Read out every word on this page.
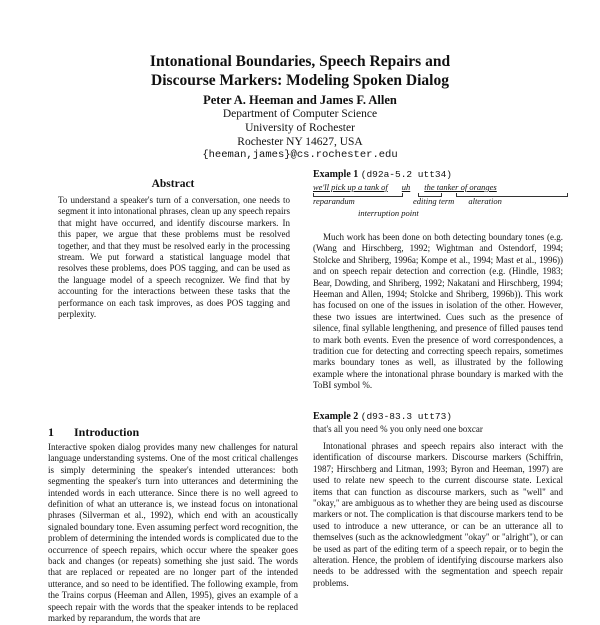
Intonational Boundaries, Speech Repairs and
Discourse Markers: Modeling Spoken Dialog
Peter A. Heeman and James F. Allen
Department of Computer Science
University of Rochester
Rochester NY 14627, USA
{heeman,james}@cs.rochester.edu
Abstract

To understand a speaker's turn of a conversation, one needs to segment it into intonational phrases, clean up any speech repairs that might have occurred, and identify discourse markers. In this paper, we argue that these problems must be resolved together, and that they must be resolved early in the processing stream. We put forward a statistical language model that resolves these problems, does POS tagging, and can be used as the language model of a speech recognizer. We find that by accounting for the interactions between these tasks that the performance on each task improves, as does POS tagging and perplexity.

1 Introduction

Interactive spoken dialog provides many new challenges for natural language understanding systems. One of the most critical challenges is simply determining the speaker's intended utterances: both segmenting the speaker's turn into utterances and determining the intended words in each utterance. Since there is no well agreed to definition of what an utterance is, we instead focus on intonational phrases (Silverman et al., 1992), which end with an acoustically signaled boundary tone. Even assuming perfect word recognition, the problem of determining the intended words is complicated due to the occurrence of speech repairs, which occur where the speaker goes back and changes (or repeats) something she just said. The words that are replaced or repeated are no longer part of the intended utterance, and so need to be identified. The following example, from the Trains corpus (Heeman and Allen, 1995), gives an example of a speech repair with the words that the speaker intends to be replaced marked by reparandum, the words that are

Example 1 (d92a-5.2 utt34)
we'll pick up a tank of uh the tanker of oranges
reparandum	editing term alteration
interruption point

Much work has been done on both detecting boundary tones (e.g. (Wang and Hirschberg, 1992; Wightman and Ostendorf, 1994; Stolcke and Shriberg, 1996a; Kompe et al., 1994; Mast et al., 1996)) and on speech repair detection and correction (e.g. (Hindle, 1983; Bear, Dowding, and Shriberg, 1992; Nakatani and Hirschberg, 1994; Heeman and Allen, 1994; Stolcke and Shriberg, 1996b)). This work has focused on one of the issues in isolation of the other. However, these two issues are intertwined. Cues such as the presence of silence, final syllable lengthening, and presence of filled pauses tend to mark both events. Even the presence of word correspondences, a tradition cue for detecting and correcting speech repairs, sometimes marks boundary tones as well, as illustrated by the following example where the intonational phrase boundary is marked with the ToBI symbol %.

Example 2 (d93-83.3 utt73)
that's all you need % you only need one boxcar

Intonational phrases and speech repairs also interact with the identification of discourse markers. Discourse markers (Schiffrin, 1987; Hirschberg and Litman, 1993; Byron and Heeman, 1997) are used to relate new speech to the current discourse state. Lexical items that can function as discourse markers, such as "well" and "okay," are ambiguous as to whether they are being used as discourse markers or not. The complication is that discourse markers tend to be used to introduce a new utterance, or can be an utterance all to themselves (such as the acknowledgment "okay" or "alright"), or can be used as part of the editing term of a speech repair, or to begin the alteration. Hence, the problem of identifying discourse markers also needs to be addressed with the segmentation and speech repair problems.
